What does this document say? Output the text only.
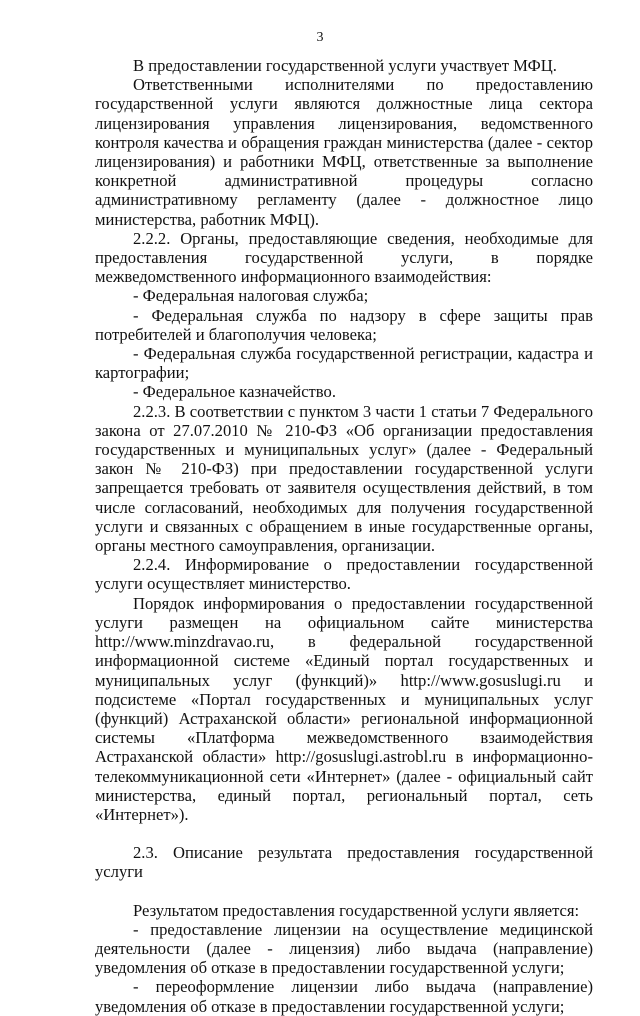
3

В предоставлении государственной услуги участвует МФЦ.

Ответственными исполнителями по предоставлению государственной услуги являются должностные лица сектора лицензирования управления лицензирования, ведомственного контроля качества и обращения граждан министерства (далее - сектор лицензирования) и работники МФЦ, ответственные за выполнение конкретной административной процедуры согласно административному регламенту (далее - должностное лицо министерства, работник МФЦ).

2.2.2. Органы, предоставляющие сведения, необходимые для предоставления государственной услуги, в порядке межведомственного информационного взаимодействия:

- Федеральная налоговая служба;

- Федеральная служба по надзору в сфере защиты прав потребителей и благополучия человека;

- Федеральная служба государственной регистрации, кадастра и картографии;

- Федеральное казначейство.

2.2.3. В соответствии с пунктом 3 части 1 статьи 7 Федерального закона от 27.07.2010 № 210-ФЗ «Об организации предоставления государственных и муниципальных услуг» (далее - Федеральный закон № 210-ФЗ) при предоставлении государственной услуги запрещается требовать от заявителя осуществления действий, в том числе согласований, необходимых для получения государственной услуги и связанных с обращением в иные государственные органы, органы местного самоуправления, организации.

2.2.4. Информирование о предоставлении государственной услуги осуществляет министерство.

Порядок информирования о предоставлении государственной услуги размещен на официальном сайте министерства http://www.minzdravao.ru, в федеральной государственной информационной системе «Единый портал государственных и муниципальных услуг (функций)» http://www.gosuslugi.ru и подсистеме «Портал государственных и муниципальных услуг (функций) Астраханской области» региональной информационной системы «Платформа межведомственного взаимодействия Астраханской области» http://gosuslugi.astrobl.ru в информационно-телекоммуникационной сети «Интернет» (далее - официальный сайт министерства, единый портал, региональный портал, сеть «Интернет»).

2.3. Описание результата предоставления государственной услуги

Результатом предоставления государственной услуги является:

- предоставление лицензии на осуществление медицинской деятельности (далее - лицензия) либо выдача (направление) уведомления об отказе в предоставлении государственной услуги;

- переоформление лицензии либо выдача (направление) уведомления об отказе в предоставлении государственной услуги;
